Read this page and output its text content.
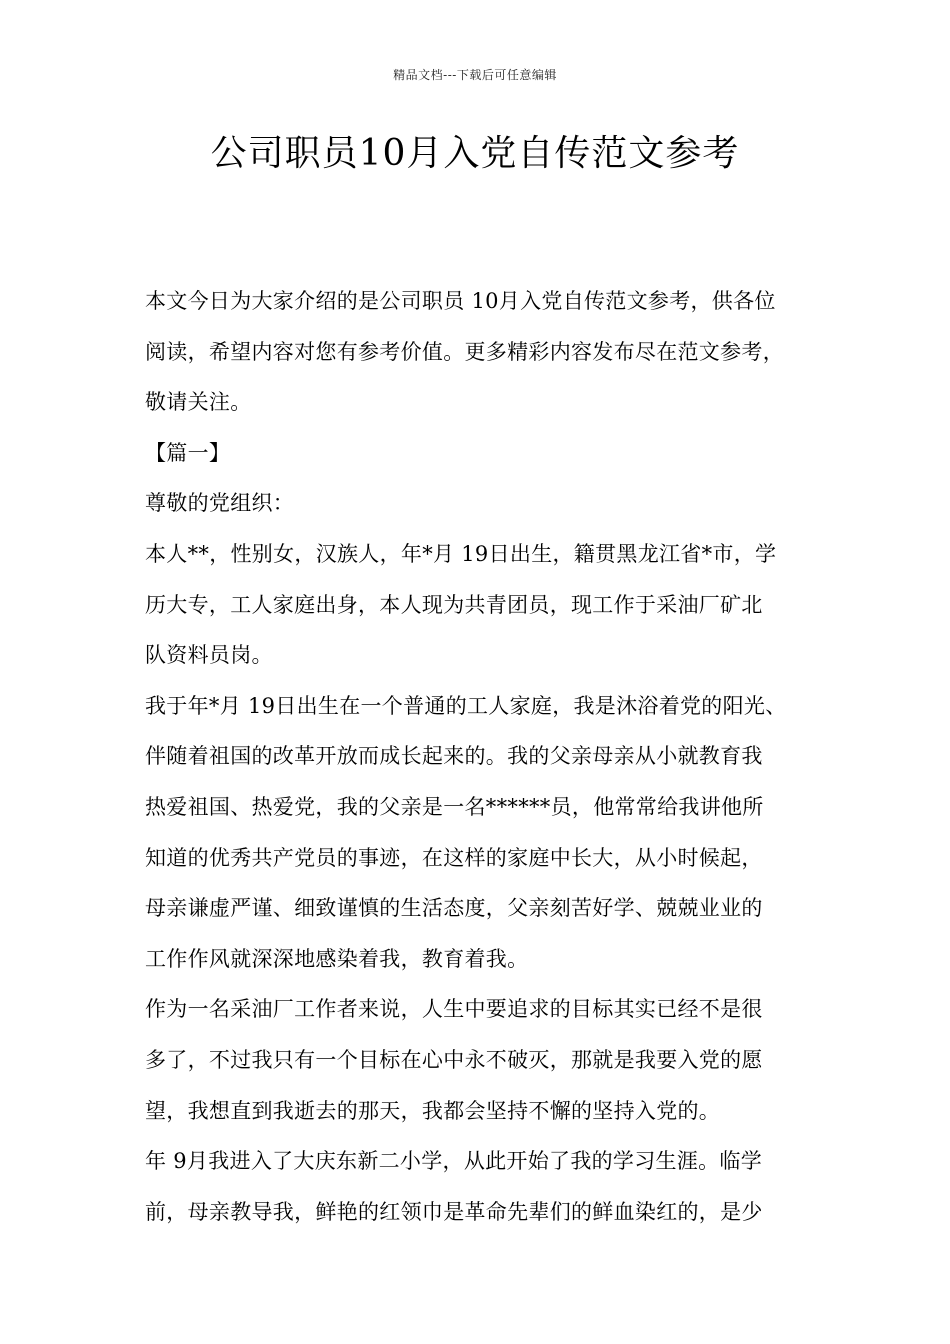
精品文档---下载后可任意编辑
公司职员10月入党自传范文参考
本文今日为大家介绍的是公司职员 10月入党自传范文参考，供各位
阅读，希望内容对您有参考价值。更多精彩内容发布尽在范文参考，
敬请关注。
【篇一】
尊敬的党组织：
本人**，性别女，汉族人，年*月 19日出生，籍贯黑龙江省*市，学
历大专，工人家庭出身，本人现为共青团员，现工作于采油厂矿北
队资料员岗。
我于年*月 19日出生在一个普通的工人家庭，我是沐浴着党的阳光、
伴随着祖国的改革开放而成长起来的。我的父亲母亲从小就教育我
热爱祖国、热爱党，我的父亲是一名******员，他常常给我讲他所
知道的优秀共产党员的事迹，在这样的家庭中长大，从小时候起，
母亲谦虚严谨、细致谨慎的生活态度，父亲刻苦好学、兢兢业业的
工作作风就深深地感染着我，教育着我。
作为一名采油厂工作者来说，人生中要追求的目标其实已经不是很
多了，不过我只有一个目标在心中永不破灭，那就是我要入党的愿
望，我想直到我逝去的那天，我都会坚持不懈的坚持入党的。
年 9月我进入了大庆东新二小学，从此开始了我的学习生涯。临学
前，母亲教导我，鲜艳的红领巾是革命先辈们的鲜血染红的，是少
